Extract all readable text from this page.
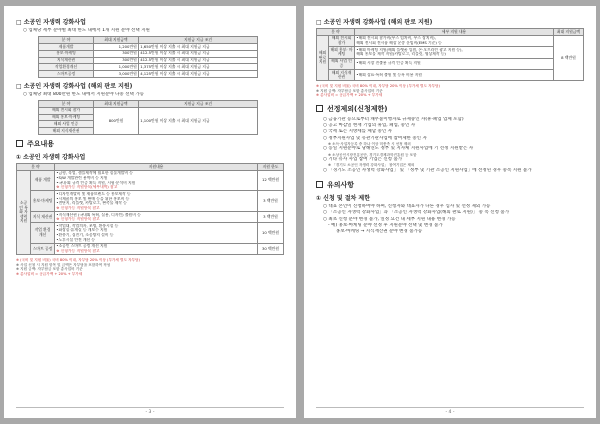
□ 소공인 자생력 강화사업
○ 업체당 세부 분야별 최대 한도 내에서 1개 지원 분야 선택 지원
분 야	최대 지원금액	지원금 지급 조건
제품개발	1,200만원	1,650만원 이상 지출 시 최대 지원금 지급
홍보·마케팅	300만원	412.5만원 이상 지출 시 최대 지원금 지급
지식재산권	300만원	412.5만원 이상 지출 시 최대 지원금 지급
작업환경개선	1,000만원	1,375만원 이상 지출 시 최대 지원금 지급
스마트공정	3,000만원	4,125만원 이상 지출 시 최대 지원금 지급
□ 소공인 자생력 강화사업 (해외 판로 지원)
○ 업체당 최대 800만원 한도 내에서 지원분야 다중 선택 가능
분 야	최대 지원금액	지원금 지급 조건
해외 전시회 참가	800만원	1,100만원 이상 지출 시 최대 지원금 지급
해외 홍보·마케팅		
해외 사업 인증		
해외 지식재산권		
주요내용
① 소공인 자생력 강화사업
분 야		지원내용	지원 한도
소공인 특화 자생력 지원	제품 개발	•금형, 목업, 샘플제작에 필요한 실물개발비 등
•S/W 개발관련 용역비 등 지원
•국내·외 규격 인증 획득 지원, 시험·분석비 지원
※ 신청가능 지원항목(세부내역) 참고	12 백만원
	홍보·마케팅	•디자인개발비 및 제품브랜드 등 홍보제작 등
•시제품의 홍보 및 판매 등을 위한 홍보비 등
•전단지, 리플렛, 카탈로그, 판촉물 제작 등
※ 신청가능 지원항목 참고	3 백만원
	지식 재산권	•지식재산권 (국내외 특허, 실용, 디자인) 출원비 등
※ 신청가능 지원항목 참고	3 백만원
	작업 환경 개선	•작업대, 작업의자, 조명, 환풍시설 등
•화장실·휴게실 등 개보수 지원
•환풍기, 집진기, 소음방지 설비 등
•노후시설 안전 개선 등	10 백만원
	스마트 공정	•소공인 스마트 공정 개선 지원
※ 신청가능 지원항목 참고	30 백만원
※ (국비 및 지원 비율) 국비 80% 이내, 자부담 20% 이상 (부가세 별도 자부담)
※ 사업 신청 시 지원 항목 및 금액은 자부담을 포함하여 작성
※ 지원 금액: 자부담금 포함 총사업비 기준
※ 총사업비 = 공급가액 + 20% + 부가세
- 3 -
□ 소공인 자생력 강화사업 (해외 판로 지원)
분 야		세부 지원 내용	최대 지원금액
해외 판로 지원	해외 전시회 참가	•해외 전시회 참가비(부스 임차비, 부스 장치비),
해외 전시회 전시품 해상 운송 운임비(EMS 기준) 등	8 백만원
	해외 홍보· 마케팅	•해외 마케팅 지원(해외 플랫폼 입점, 온·오프라인 광고 지원 등),
해외 홍보물 제작 지원(카탈로그, 리플릿, 영상제작 등)	

	해외 사업 인증	•해외 시장 진출용 규격 인증 획득 지원	

	해외 지식재산권	•해외 상표·특허 출원 및 등록 비용 지원	
※ (국비 및 지원 비율) 국비 80% 이내, 자부담 20% 이상 (부가세 별도 자부담)
※ 지원 금액: 자부담금 포함 총사업비 기준
※ 총사업비 = 공급가액 + 20% + 부가세
선정제외(신청제한)
○ 금융기관 등으로부터 채무불이행자로 규제중인 자(휴·폐업 업체 포함)
○ 공고 마감일 현재 기업의 휴업, 폐업, 중인 자
○ 국세 또는 지방세를 체납 중인 자
○ 정부지원사업 및 유관기관사업에 참여제한 중인 자
※ 소득·사업자등록 중 하나 이상 미충족 시 선정 제외
○ 동일 지원분야로 당해연도 정부 및 지자체 지원사업에 기 선정 지원받은 자
※ 소상공인시장진흥공단, 경기도경제과학진흥원 등 포함
○ 기타 유사 사업 참여 기업은 신청 불가
※ 「경기도 소공인 자생력 강화사업」 참여기업은 제외
○ 「경기도 소공인 자생력 강화사업」 및 「정부 및 기관 소공인 지원사업」에 선정된 경우 중복 지원 불가
유의사항
① 신청 및 절차 제한
○ 대표 본인이 신청하여야 하며, 신청자와 대표자가 다른 경우 심사 및 선정 제외 가능
○ 「소공인 자생력 강화사업」과 「소공인 자생력 강화사업(해외 판로 지원)」 중 복 신청 불가
○ 최초 신청 분야 변경 불가, 일정 요건 내 세부 지원 내용 변경 가능
- 예) 홍보·마케팅 분야 선정 후 지원분야 선택 및 변경 불가
홍보·마케팅 → 지식재산권 분야 변경 불가능
- 4 -
